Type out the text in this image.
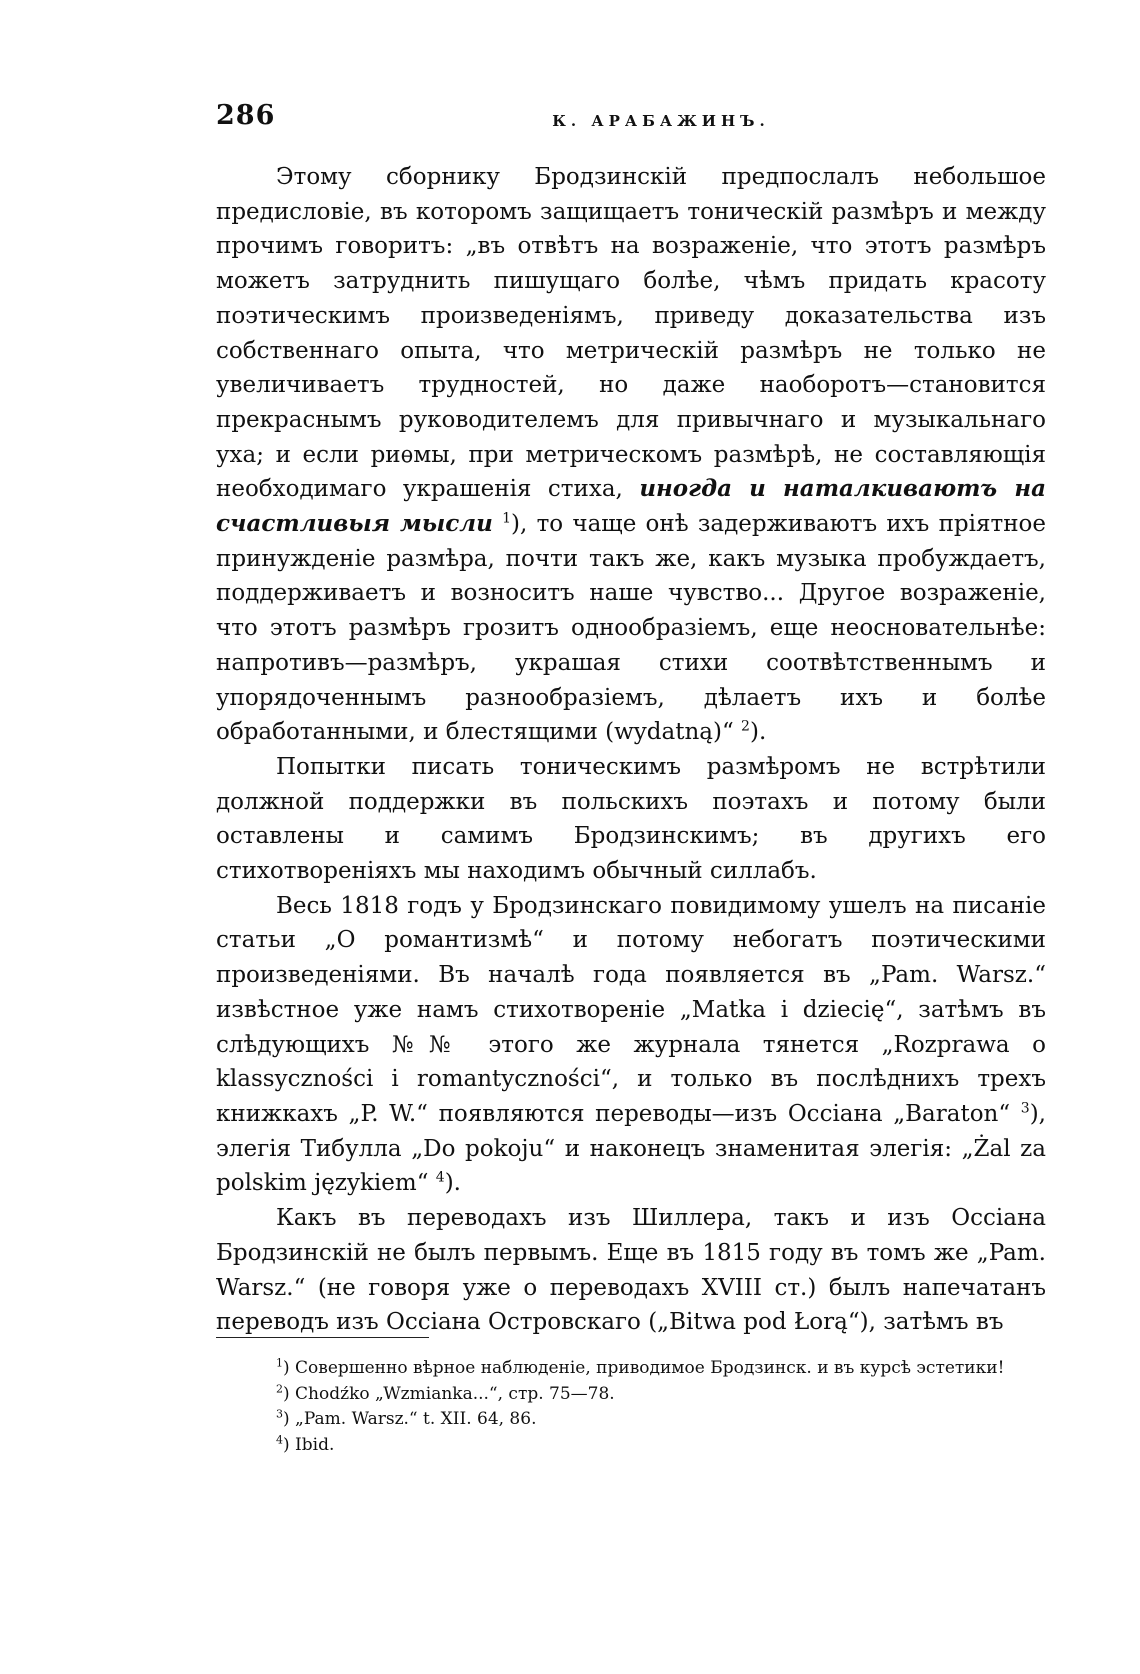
286	К. АРАБАЖИНЪ.

Этому сборнику Бродзинскій предпослалъ небольшое предисловіе, въ которомъ защищаетъ тоническій размѣръ и между прочимъ говоритъ: „въ отвѣтъ на возраженіе, что этотъ размѣръ можетъ затруднить пишущаго болѣе, чѣмъ придать красоту поэтическимъ произведеніямъ, приведу доказательства изъ собственнаго опыта, что метрическій размѣръ не только не увеличиваетъ трудностей, но даже наоборотъ—становится прекраснымъ руководителемъ для привычнаго и музыкальнаго уха; и если риѳмы, при метрическомъ размѣрѣ, не составляющія необходимаго украшенія стиха, иногда и наталкиваютъ на счастливыя мысли $^1$), то чаще онѣ задерживаютъ ихъ пріятное принужденіе размѣра, почти такъ же, какъ музыка пробуждаетъ, поддерживаетъ и возноситъ наше чувство... Другое возраженіе, что этотъ размѣръ грозитъ однообразіемъ, еще неосновательнѣе: напротивъ—размѣръ, украшая стихи соотвѣтственнымъ и упорядоченнымъ разнообразіемъ, дѣлаетъ ихъ и болѣе обработанными, и блестящими (wydatną)“ $^2$).

Попытки писать тоническимъ размѣромъ не встрѣтили должной поддержки въ польскихъ поэтахъ и потому были оставлены и самимъ Бродзинскимъ; въ другихъ его стихотвореніяхъ мы находимъ обычный силлабъ.

Весь 1818 годъ у Бродзинскаго повидимому ушелъ на писаніе статьи „О романтизмѣ“ и потому небогатъ поэтическими произведеніями. Въ началѣ года появляется въ „Pam. Warsz.“ извѣстное уже намъ стихотвореніе „Matka i dziecię“, затѣмъ въ слѣдующихъ №№ этого же журнала тянется „Rozprawa o klassyczności i romantyczności“, и только въ послѣднихъ трехъ книжкахъ „P. W.“ появляются переводы—изъ Оссіана „Baraton“ $^3$), элегія Тибулла „Do pokoju“ и наконецъ знаменитая элегія: „Żal za polskim językiem“ $^4$).

Какъ въ переводахъ изъ Шиллера, такъ и изъ Оссіана Бродзинскій не былъ первымъ. Еще въ 1815 году въ томъ же „Pam. Warsz.“ (не говоря уже о переводахъ XVIII ст.) былъ напечатанъ переводъ изъ Оссіана Островскаго („Bitwa pod Łorą“), затѣмъ въ

$^1$) Совершенно вѣрное наблюденіе, приводимое Бродзинск. и въ курсѣ эстетики!

$^2$) Chodźko „Wzmianka...“, стр. 75—78.

$^3$) „Pam. Warsz.“ t. XII. 64, 86.

$^4$) Ibid.
